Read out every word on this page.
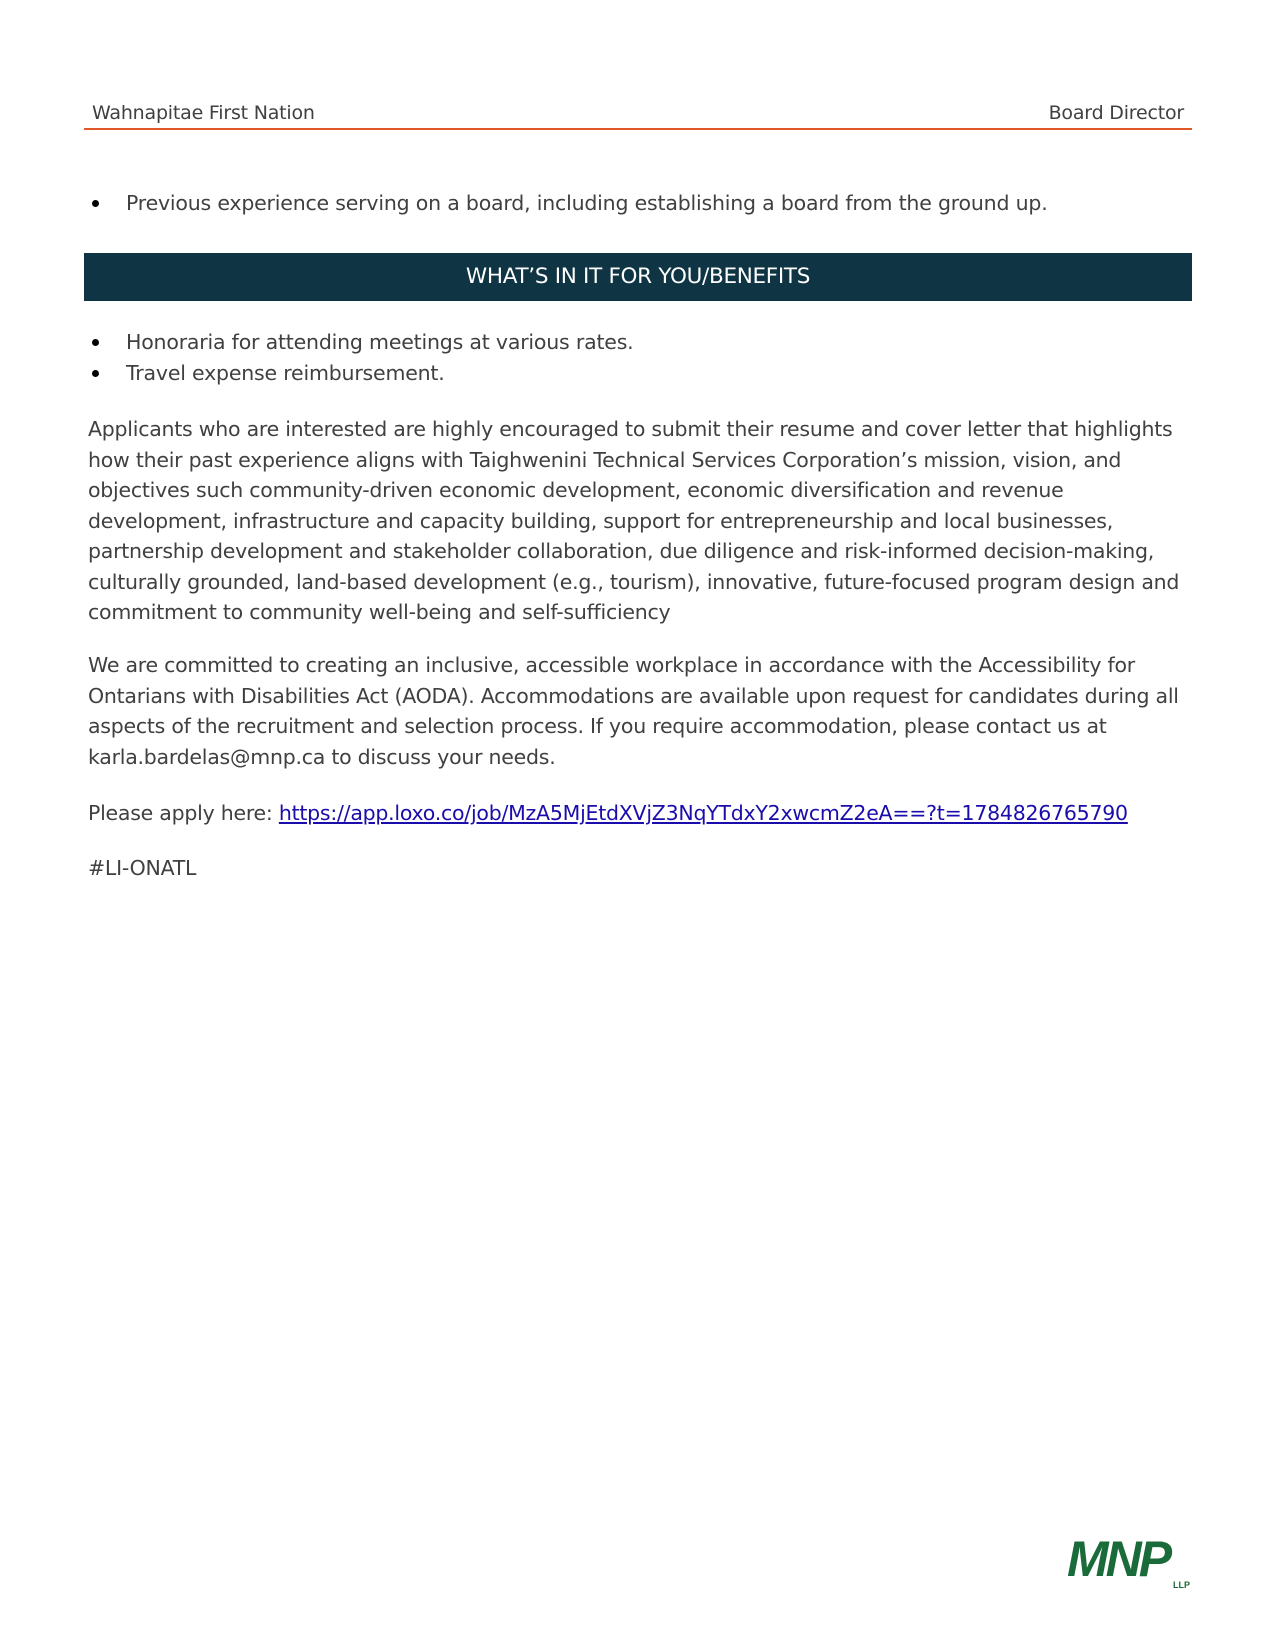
Wahnapitae First Nation	Board Director
Previous experience serving on a board, including establishing a board from the ground up.
WHAT’S IN IT FOR YOU/BENEFITS
Honoraria for attending meetings at various rates.
Travel expense reimbursement.

Applicants who are interested are highly encouraged to submit their resume and cover letter that highlights how their past experience aligns with Taighwenini Technical Services Corporation’s mission, vision, and objectives such community-driven economic development, economic diversification and revenue development, infrastructure and capacity building, support for entrepreneurship and local businesses, partnership development and stakeholder collaboration, due diligence and risk-informed decision-making, culturally grounded, land-based development (e.g., tourism), innovative, future-focused program design and commitment to community well-being and self-sufficiency

We are committed to creating an inclusive, accessible workplace in accordance with the Accessibility for Ontarians with Disabilities Act (AODA). Accommodations are available upon request for candidates during all aspects of the recruitment and selection process. If you require accommodation, please contact us at karla.bardelas@mnp.ca to discuss your needs.

Please apply here: https://app.loxo.co/job/MzA5MjEtdXVjZ3NqYTdxY2xwcmZ2eA==?t=1784826765790

#LI-ONATL

MNP LLP
